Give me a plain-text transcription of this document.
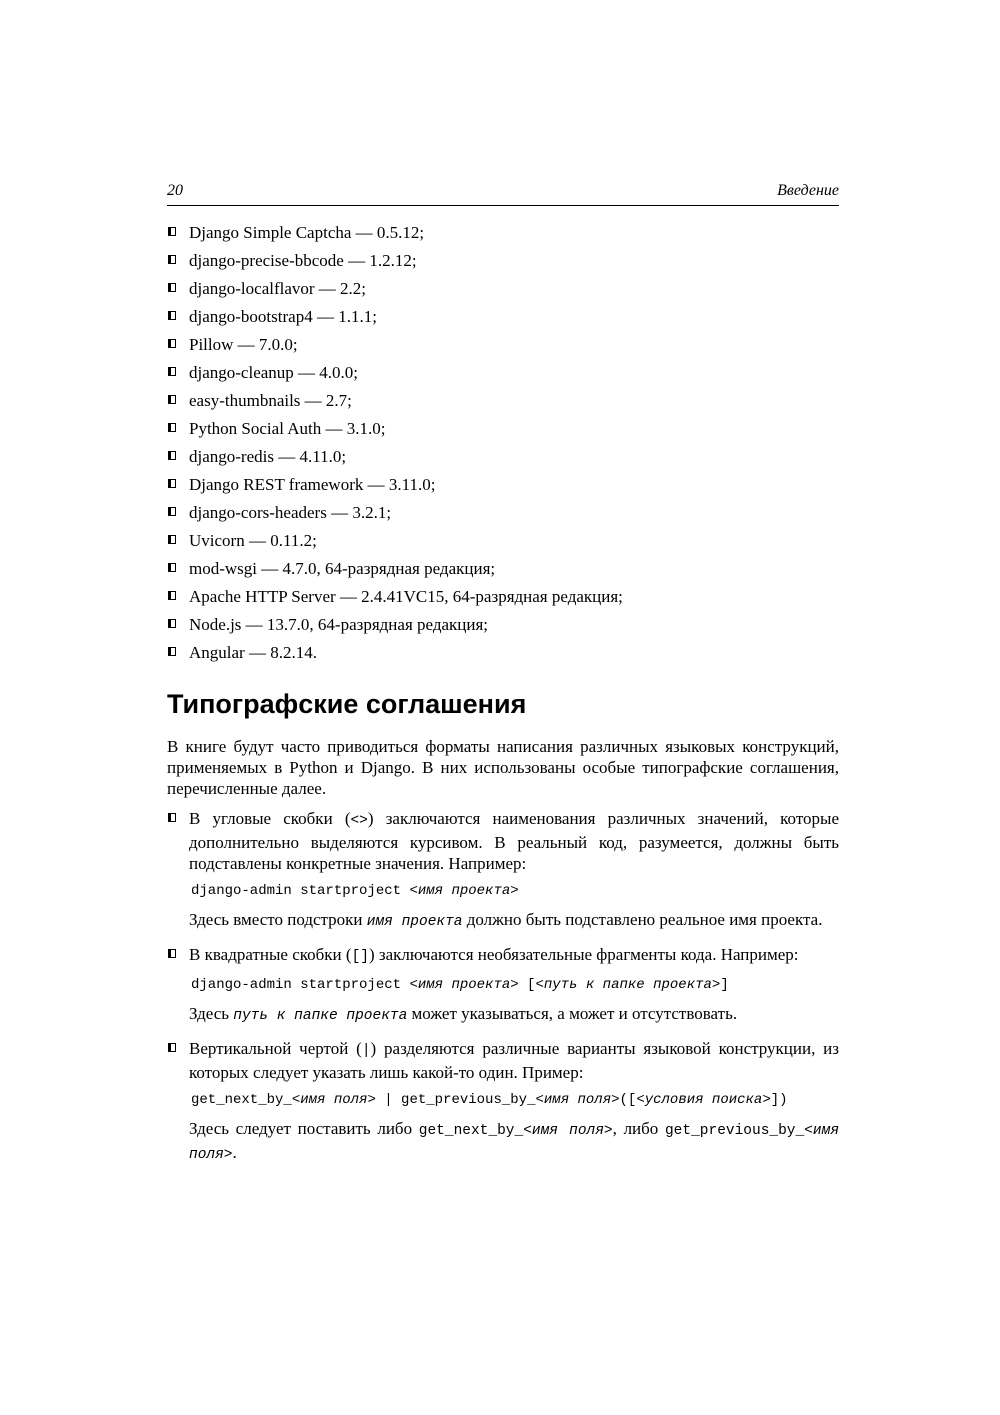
20	Введение
Django Simple Captcha — 0.5.12;
django-precise-bbcode — 1.2.12;
django-localflavor — 2.2;
django-bootstrap4 — 1.1.1;
Pillow — 7.0.0;
django-cleanup — 4.0.0;
easy-thumbnails — 2.7;
Python Social Auth — 3.1.0;
django-redis — 4.11.0;
Django REST framework — 3.11.0;
django-cors-headers — 3.2.1;
Uvicorn — 0.11.2;
mod-wsgi — 4.7.0, 64-разрядная редакция;
Apache HTTP Server — 2.4.41VC15, 64-разрядная редакция;
Node.js — 13.7.0, 64-разрядная редакция;
Angular — 8.2.14.
Типографские соглашения

В книге будут часто приводиться форматы написания различных языковых конструкций, применяемых в Python и Django. В них использованы особые типографские соглашения, перечисленные далее.

В угловые скобки (<>) заключаются наименования различных значений, которые дополнительно выделяются курсивом. В реальный код, разумеется, должны быть подставлены конкретные значения. Например:

django-admin startproject <имя проекта>

Здесь вместо подстроки имя проекта должно быть подставлено реальное имя проекта.

В квадратные скобки ([]) заключаются необязательные фрагменты кода. Например:

django-admin startproject <имя проекта> [<путь к папке проекта>]

Здесь путь к папке проекта может указываться, а может и отсутствовать.

Вертикальной чертой (|) разделяются различные варианты языковой конструкции, из которых следует указать лишь какой-то один. Пример:

get_next_by_<имя поля> | get_previous_by_<имя поля>([<условия поиска>])

Здесь следует поставить либо get_next_by_<имя поля>, либо get_previous_by_<имя поля>.
